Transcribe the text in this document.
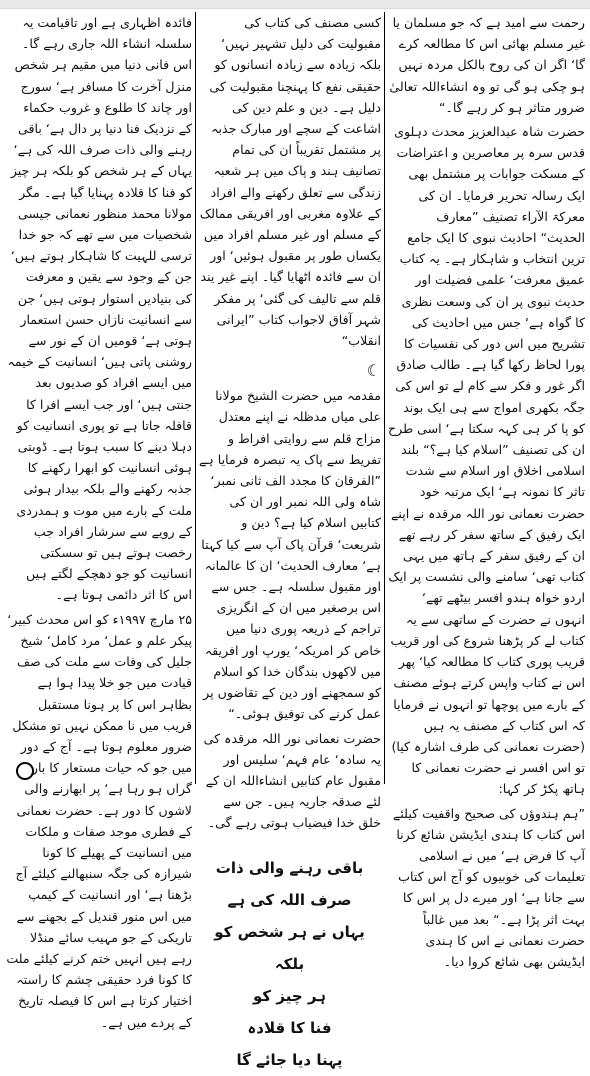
رحمت سے امید ہے کہ جو مسلمان یا غیر مسلم بھائی اس کا مطالعہ کرے گا‘ اگر ان کی روح بالکل مردہ نہیں ہو چکی ہو گی تو وہ انشاءاللہ تعالیٰ ضرور متاثر ہو کر رہے گا۔“

حضرت شاہ عبدالعزیز محدث دہلوی قدس سرہ پر معاصرین و اعتراضات کے مسکت جوابات پر مشتمل بھی ایک رسالہ تحریر فرمایا۔ ان کی معرکۃ الآراء تصنیف ”معارف الحدیث“ احادیث نبوی کا ایک جامع ترین انتخاب و شاہکار ہے۔ یہ کتاب عمیق معرفت‘ علمی فضیلت اور حدیث نبوی پر ان کی وسعت نظری کا گواہ ہے‘ جس میں احادیث کی تشریح میں اس دور کی نفسیات کا پورا لحاظ رکھا گیا ہے۔ طالب صادق اگر غور و فکر سے کام لے تو اس کی جگہ بکھری امواج سے ہی ایک بوند کو پا کر ہی کہہ سکتا ہے‘ اسی طرح ان کی تصنیف ”اسلام کیا ہے؟“ بلند اسلامی اخلاق اور اسلام سے شدت تاثر کا نمونہ ہے‘ ایک مرتبہ خود حضرت نعمانی نور اللہ مرقدہ نے اپنے ایک رفیق کے ساتھ سفر کر رہے تھے ان کے رفیق سفر کے ہاتھ میں یہی کتاب تھی‘ سامنے والی نشست پر ایک اردو خواہ ہندو افسر بیٹھے تھے‘ انہوں نے حضرت کے ساتھی سے یہ کتاب لے کر پڑھنا شروع کی اور قریب قریب پوری کتاب کا مطالعہ کیا‘ پھر اس نے کتاب واپس کرتے ہوئے مصنف کے بارے میں پوچھا تو انہوں نے فرمایا کہ اس کتاب کے مصنف یہ ہیں (حضرت نعمانی کی طرف اشارہ کیا) تو اس افسر نے حضرت نعمانی کا ہاتھ پکڑ کر کہا:

”ہم ہندوؤں کی صحیح واقفیت کیلئے اس کتاب کا ہندی ایڈیشن شائع کرنا آپ کا فرض ہے‘ میں نے اسلامی تعلیمات کی خوبیوں کو آج اس کتاب سے جانا ہے‘ اور میرے دل پر اس کا بہت اثر پڑا ہے۔“ بعد میں غالباً حضرت نعمانی نے اس کا ہندی ایڈیشن بھی شائع کروا دیا۔

کسی مصنف کی کتاب کی مقبولیت کی دلیل تشہیر نہیں‘ بلکہ زیادہ سے زیادہ انسانوں کو حقیقی نفع کا پہنچنا مقبولیت کی دلیل ہے۔ دین و علم دین کی اشاعت کے سچے اور مبارک جذبہ پر مشتمل تقریباً ان کی تمام تصانیف ہند و پاک میں ہر شعبہ زندگی سے تعلق رکھنے والے افراد کے علاوہ مغربی اور افریقی ممالک کے مسلم اور غیر مسلم افراد میں یکساں طور پر مقبول ہوئیں‘ اور ان سے فائدہ اٹھایا گیا۔ اپنے غیر یند قلم سے تالیف کی گئی‘ پر مفکر شہر آفاق لاجواب کتاب ”ایرانی انقلاب“

☾

مقدمہ میں حضرت الشیخ مولانا علی میاں مدظلہ نے اپنے معتدل مزاج قلم سے روایتی افراط و تفریط سے پاک یہ تبصرہ فرمایا ہے ”الفرقان کا مجدد الف ثانی نمبر‘ شاہ ولی اللہ نمبر اور ان کی کتابیں اسلام کیا ہے؟ دین و شریعت‘ قرآن پاک آپ سے کیا کہتا ہے‘ معارف الحدیث‘ ان کا عالمانہ اور مقبول سلسلہ ہے۔ جس سے اس برصغیر میں ان کے انگریزی تراجم کے ذریعہ پوری دنیا میں خاص کر امریکہ‘ یورپ اور افریقہ میں لاکھوں بندگان خدا کو اسلام کو سمجھنے اور دین کے تقاضوں پر عمل کرنے کی توفیق ہوئی۔“

حضرت نعمانی نور اللہ مرقدہ کی یہ سادہ‘ عام فہم‘ سلیس اور مقبول عام کتابیں انشاءاللہ ان کے لئے صدقہ جاریہ ہیں۔ جن سے خلق خدا فیضیاب ہوتی رہے گی۔

باقی رہنے والی ذات
صرف اللہ کی ہے
یہاں نے ہر شخص کو بلکہ
ہر چیز کو
فنا کا قلادہ
پہنا دیا جائے گا

فائدہ اظہاری ہے اور تاقیامت یہ سلسلہ انشاء اللہ جاری رہے گا۔ اس فانی دنیا میں مقیم ہر شخص منزل آخرت کا مسافر ہے‘ سورج اور چاند کا طلوع و غروب حکماء کے نزدیک فنا دنیا پر دال ہے‘ باقی رہنے والی ذات صرف اللہ کی ہے‘ یہاں کے ہر شخص کو بلکہ ہر چیز کو فنا کا قلادہ پہنایا گیا ہے۔ مگر مولانا محمد منظور نعمانی جیسی شخصیات میں سے تھے کہ جو خدا ترسی للہیت کا شاہکار ہوتے ہیں‘ جن کے وجود سے یقین و معرفت کی بنیادیں استوار ہوتی ہیں‘ جن سے انسانیت نازاں حسن استعمار ہوتی ہے‘ قومیں ان کے نور سے روشنی پاتی ہیں‘ انسانیت کے خیمہ میں ایسے افراد کو صدیوں بعد جنتی ہیں‘ اور جب ایسے افرا کا قافلہ جاتا ہے تو پوری انسانیت کو دہلا دینے کا سبب ہوتا ہے۔ ڈوبتی ہوئی انسانیت کو ابھرا رکھنے کا جذبہ رکھنے والے بلکہ بیدار ہوئی ملت کے بارے میں موت و ہمدردی کے رویے سے سرشار افراد جب رخصت ہوتے ہیں تو سسکتی انسانیت کو جو دھچکے لگتے ہیں اس کا اثر دائمی ہوتا ہے۔

۲۵ مارچ ۱۹۹۷ء کو اس محدث کبیر‘ پیکر علم و عمل‘ مرد کامل‘ شیخ جلیل کی وفات سے ملت کی صف قیادت میں جو خلا پیدا ہوا ہے بظاہر اس کا پر ہونا مستقبل قریب میں نا ممکن نہیں تو مشکل ضرور معلوم ہوتا ہے۔ آج کے دور میں جو کہ حیات مستعار کا بار گراں ہو رہا ہے‘ پر ابھارنے والی لاشوں کا دور ہے۔ حضرت نعمانی کے فطری موجد صفات و ملکات میں انسانیت کے پھیلے کا کونا شیرازہ کی جگہ سنبھالنے کیلئے آج بڑھنا ہے‘ اور انسانیت کے کیمپ میں اس منور قندیل کے بجھنے سے تاریکی کے جو مہیب سائے منڈلا رہے ہیں انہیں ختم کرنے کیلئے ملت کا کونا فرد حقیقی چشم کا راستہ اختیار کرتا ہے اس کا فیصلہ تاریخ کے پردے میں ہے۔
